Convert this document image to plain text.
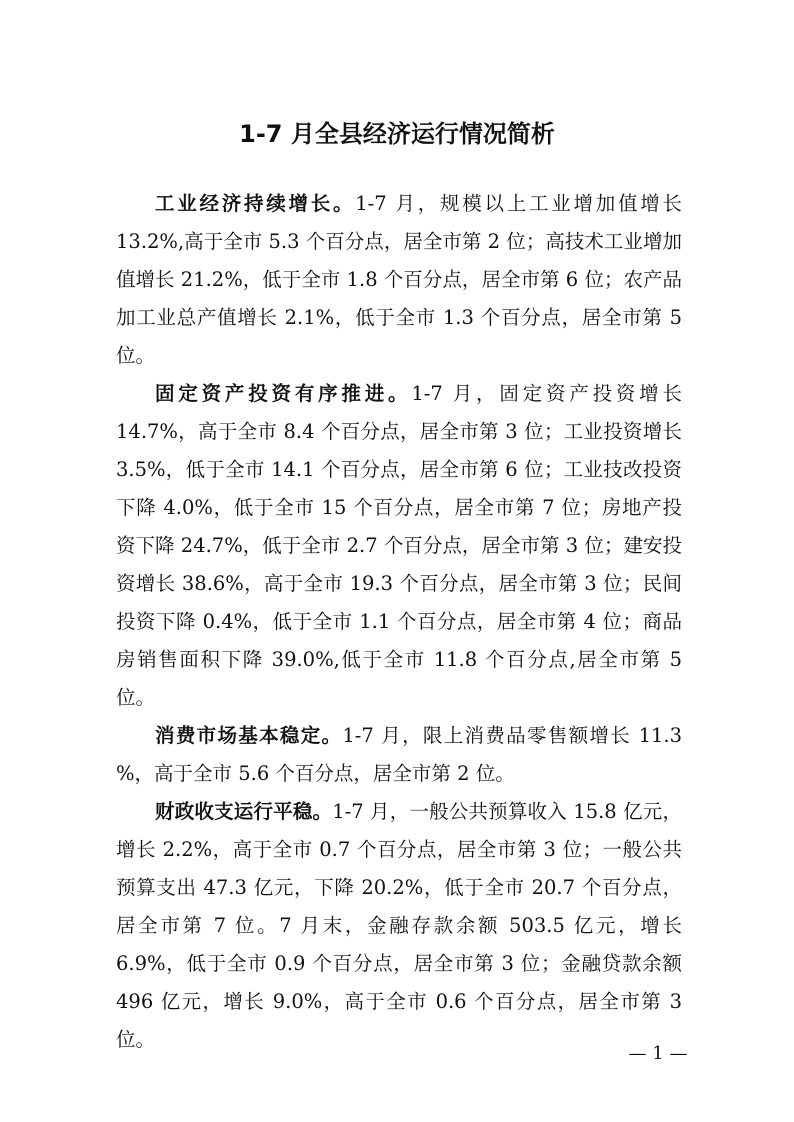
1-7 月全县经济运行情况简析

工业经济持续增长。1-7 月，规模以上工业增加值增长 13.2%,高于全市 5.3 个百分点，居全市第 2 位；高技术工业增加值增长 21.2%，低于全市 1.8 个百分点，居全市第 6 位；农产品加工业总产值增长 2.1%，低于全市 1.3 个百分点，居全市第 5 位。

固定资产投资有序推进。1-7 月，固定资产投资增长 14.7%，高于全市 8.4 个百分点，居全市第 3 位；工业投资增长 3.5%，低于全市 14.1 个百分点，居全市第 6 位；工业技改投资下降 4.0%，低于全市 15 个百分点，居全市第 7 位；房地产投资下降 24.7%，低于全市 2.7 个百分点，居全市第 3 位；建安投资增长 38.6%，高于全市 19.3 个百分点，居全市第 3 位；民间投资下降 0.4%，低于全市 1.1 个百分点，居全市第 4 位；商品房销售面积下降 39.0%,低于全市 11.8 个百分点,居全市第 5 位。

消费市场基本稳定。1-7 月，限上消费品零售额增长 11.3 %，高于全市 5.6 个百分点，居全市第 2 位。

财政收支运行平稳。1-7 月，一般公共预算收入 15.8 亿元，增长 2.2%，高于全市 0.7 个百分点，居全市第 3 位；一般公共预算支出 47.3 亿元，下降 20.2%，低于全市 20.7 个百分点，居全市第 7 位。7 月末，金融存款余额 503.5 亿元，增长 6.9%，低于全市 0.9 个百分点，居全市第 3 位；金融贷款余额 496 亿元，增长 9.0%，高于全市 0.6 个百分点，居全市第 3 位。

— 1 —
